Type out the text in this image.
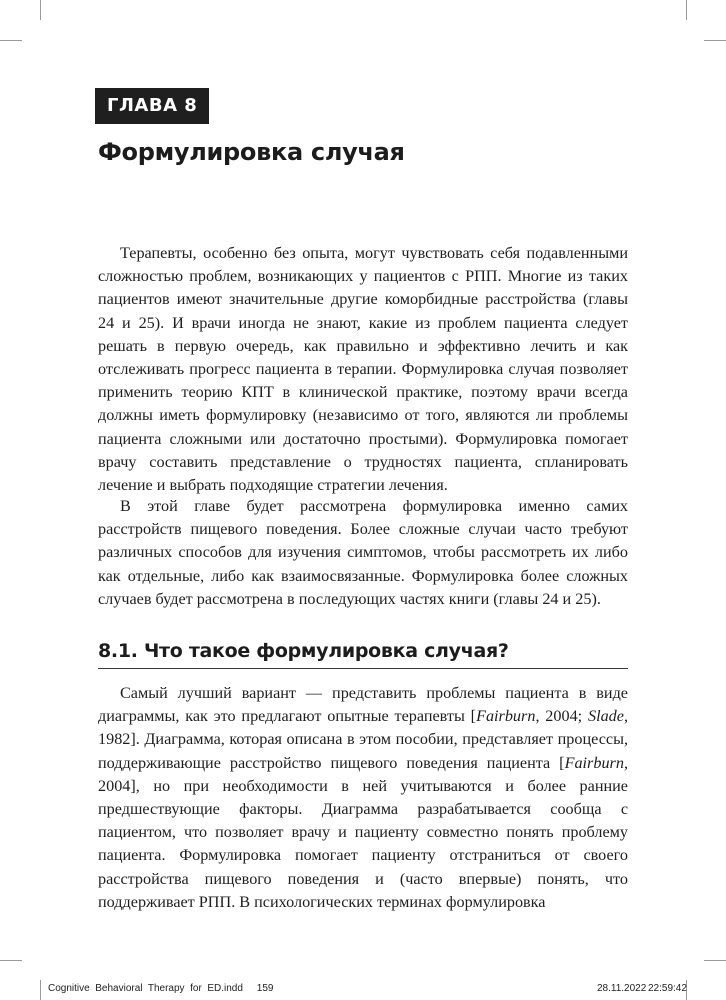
ГЛАВА 8
Формулировка случая

Терапевты, особенно без опыта, могут чувствовать себя подавленными сложностью проблем, возникающих у пациентов с РПП. Многие из таких пациентов имеют значительные другие коморбидные расстройства (главы 24 и 25). И врачи иногда не знают, какие из проблем пациента следует решать в первую очередь, как правильно и эффективно лечить и как отслеживать прогресс пациента в терапии. Формулировка случая позволяет применить теорию КПТ в клинической практике, поэтому врачи всегда должны иметь формулировку (независимо от того, являются ли проблемы пациента сложными или достаточно простыми). Формулировка помогает врачу составить представление о трудностях пациента, спланировать лечение и выбрать подходящие стратегии лечения.

В этой главе будет рассмотрена формулировка именно самих расстройств пищевого поведения. Более сложные случаи часто требуют различных способов для изучения симптомов, чтобы рассмотреть их либо как отдельные, либо как взаимосвязанные. Формулировка более сложных случаев будет рассмотрена в последующих частях книги (главы 24 и 25).

8.1. Что такое формулировка случая?

Самый лучший вариант — представить проблемы пациента в виде диаграммы, как это предлагают опытные терапевты [Fairburn, 2004; Slade, 1982]. Диаграмма, которая описана в этом пособии, представляет процессы, поддерживающие расстройство пищевого поведения пациента [Fairburn, 2004], но при необходимости в ней учитываются и более ранние предшествующие факторы. Диаграмма разрабатывается сообща с пациентом, что позволяет врачу и пациенту совместно понять проблему пациента. Формулировка помогает пациенту отстраниться от своего расстройства пищевого поведения и (часто впервые) понять, что поддерживает РПП. В психологических терминах формулировка

Cognitive  Behavioral  Therapy  for  ED.indd     159	28.11.2022 22:59:42
